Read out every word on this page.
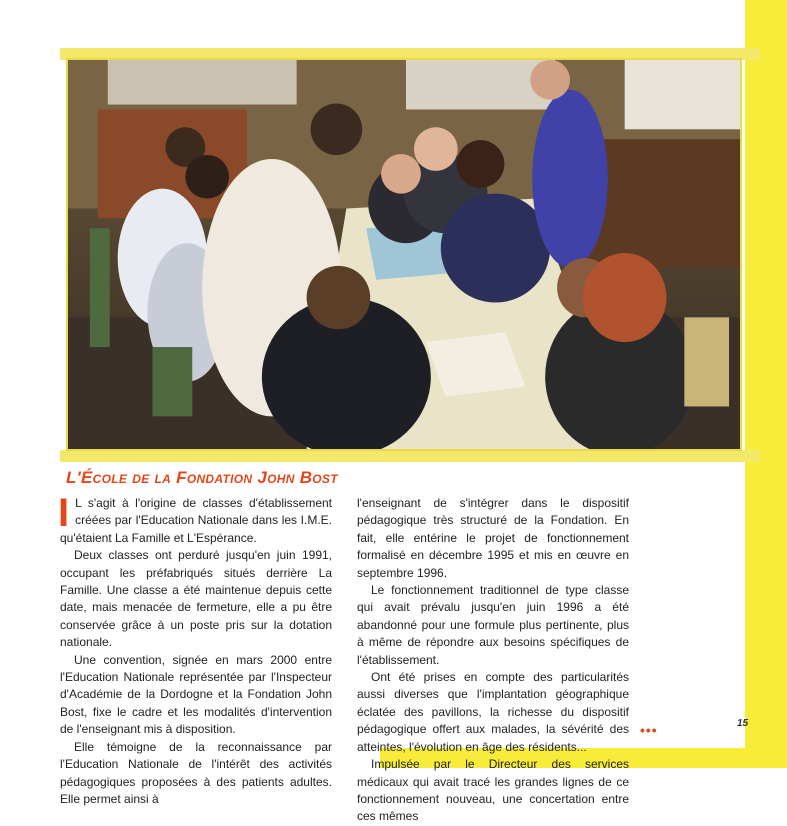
L'École de la Fondation John Bost

I L s'agit à l'origine de classes d'établissement créées par l'Education Nationale dans les I.M.E. qu'étaient La Famille et L'Espérance.

Deux classes ont perduré jusqu'en juin 1991, occupant les préfabriqués situés derrière La Famille. Une classe a été maintenue depuis cette date, mais menacée de fermeture, elle a pu être conservée grâce à un poste pris sur la dotation nationale.

Une convention, signée en mars 2000 entre l'Education Nationale représentée par l'Inspecteur d'Académie de la Dordogne et la Fondation John Bost, fixe le cadre et les modalités d'intervention de l'enseignant mis à disposition.

Elle témoigne de la reconnaissance par l'Education Nationale de l'intérêt des activités pédagogiques proposées à des patients adultes. Elle permet ainsi à

l'enseignant de s'intégrer dans le dispositif pédagogique très structuré de la Fondation. En fait, elle entérine le projet de fonctionnement formalisé en décembre 1995 et mis en œuvre en septembre 1996.

Le fonctionnement traditionnel de type classe qui avait prévalu jusqu'en juin 1996 a été abandonné pour une formule plus pertinente, plus à même de répondre aux besoins spécifiques de l'établissement.

Ont été prises en compte des particularités aussi diverses que l'implantation géographique éclatée des pavillons, la richesse du dispositif pédagogique offert aux malades, la sévérité des atteintes, l'évolution en âge des résidents...

Impulsée par le Directeur des services médicaux qui avait tracé les grandes lignes de ce fonctionnement nouveau, une concertation entre ces mêmes

•••	15
